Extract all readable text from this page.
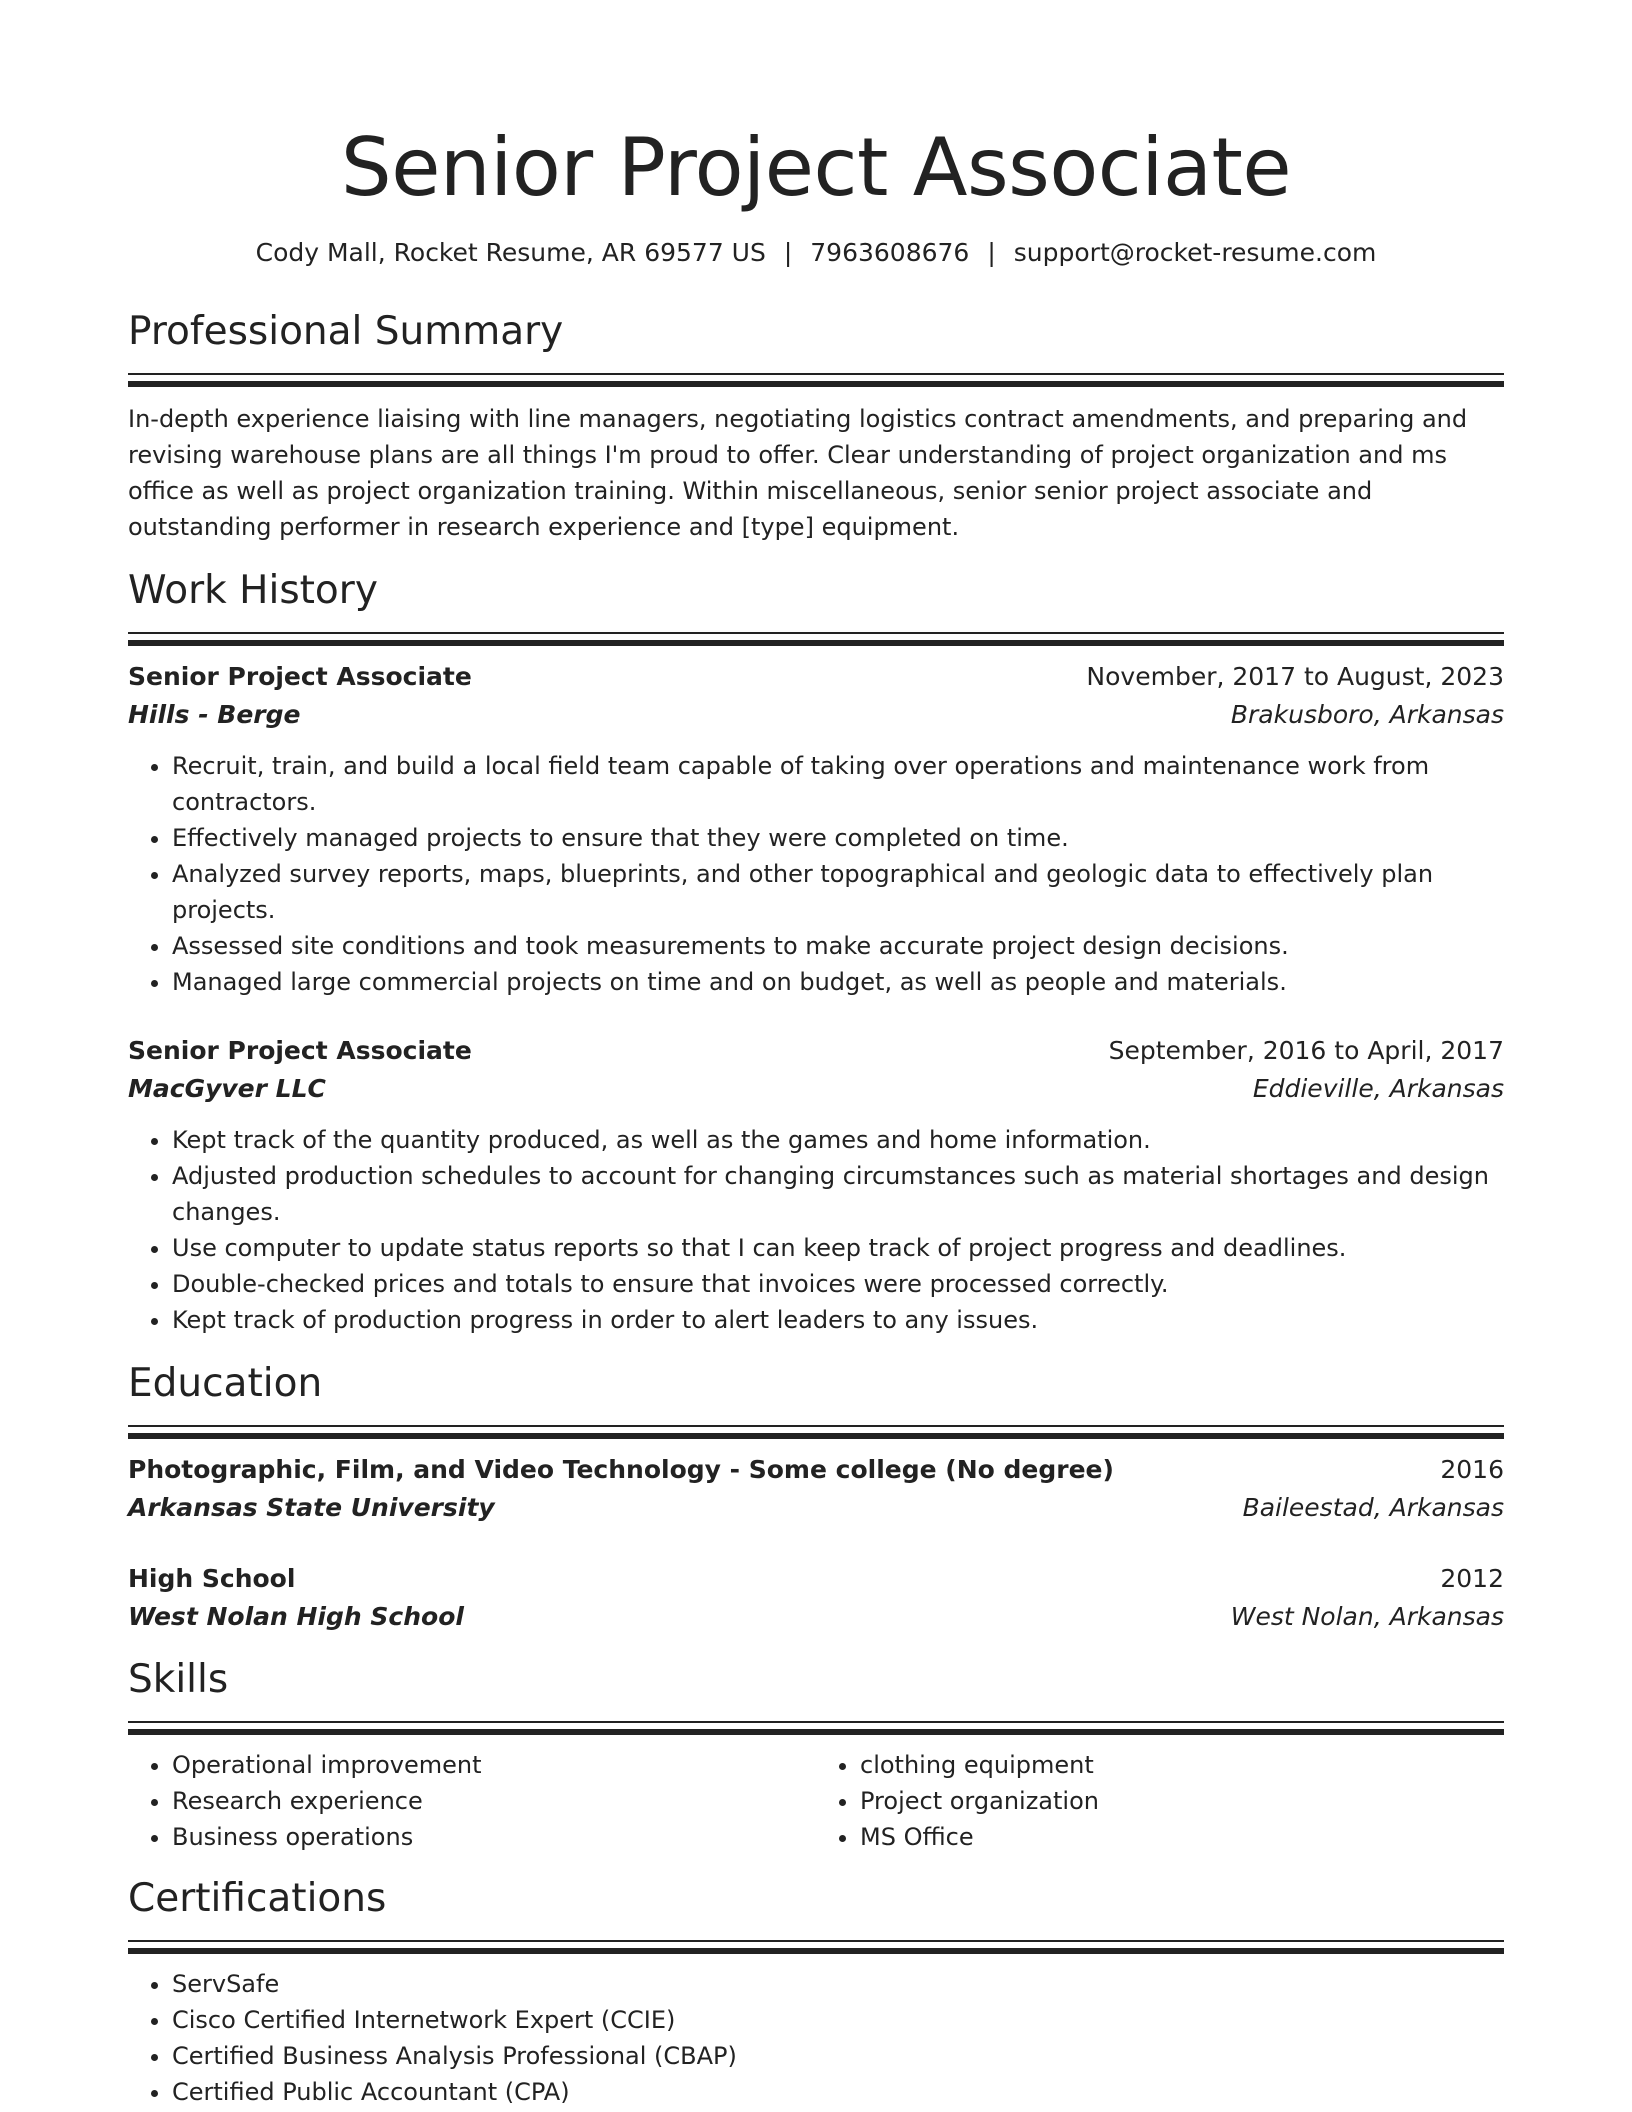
Senior Project Associate
Cody Mall, Rocket Resume, AR 69577 US | 7963608676 | support@rocket-resume.com
Professional Summary

In-depth experience liaising with line managers, negotiating logistics contract amendments, and preparing and revising warehouse plans are all things I'm proud to offer. Clear understanding of project organization and ms office as well as project organization training. Within miscellaneous, senior senior project associate and outstanding performer in research experience and [type] equipment.

Work History
Senior Project Associate	November, 2017 to August, 2023
Hills - Berge	Brakusboro, Arkansas
• Recruit, train, and build a local field team capable of taking over operations and maintenance work from contractors.
• Effectively managed projects to ensure that they were completed on time.
• Analyzed survey reports, maps, blueprints, and other topographical and geologic data to effectively plan projects.
• Assessed site conditions and took measurements to make accurate project design decisions.
• Managed large commercial projects on time and on budget, as well as people and materials.
Senior Project Associate	September, 2016 to April, 2017
MacGyver LLC	Eddieville, Arkansas
• Kept track of the quantity produced, as well as the games and home information.
• Adjusted production schedules to account for changing circumstances such as material shortages and design changes.
• Use computer to update status reports so that I can keep track of project progress and deadlines.
• Double-checked prices and totals to ensure that invoices were processed correctly.
• Kept track of production progress in order to alert leaders to any issues.
Education
Photographic, Film, and Video Technology - Some college (No degree)	2016
Arkansas State University	Baileestad, Arkansas
High School	2012
West Nolan High School	West Nolan, Arkansas
Skills
• Operational improvement
• Research experience
• Business operations
• clothing equipment
• Project organization
• MS Office
Certifications
• ServSafe
• Cisco Certified Internetwork Expert (CCIE)
• Certified Business Analysis Professional (CBAP)
• Certified Public Accountant (CPA)
